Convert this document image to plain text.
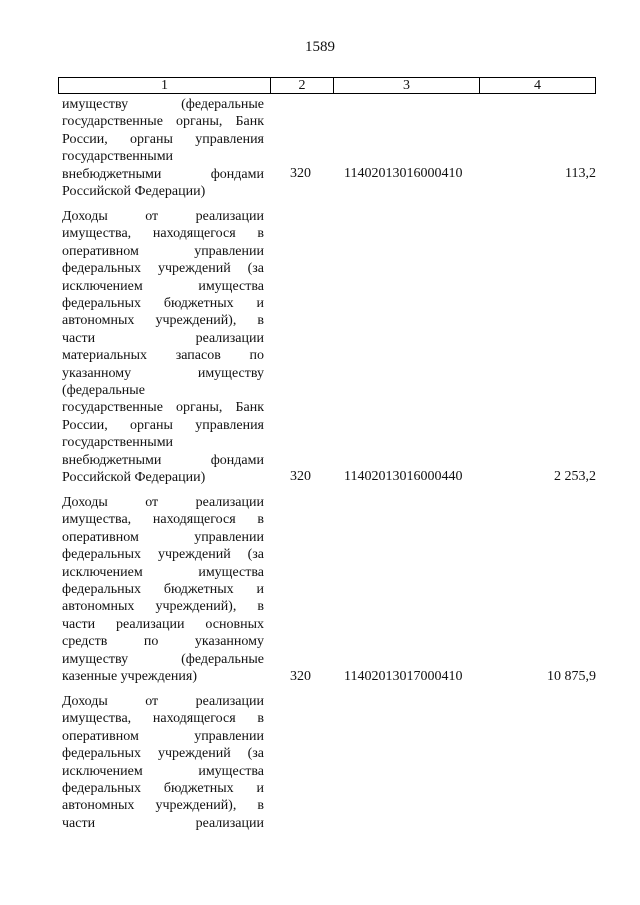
1589
1	2	3	4
имуществу (федеральные
государственные органы, Банк
России, органы управления
государственными
внебюджетными фондами
Российской Федерации)
320	11402013016000410	113,2
Доходы от реализации
имущества, находящегося в
оперативном управлении
федеральных учреждений (за
исключением имущества
федеральных бюджетных и
автономных учреждений), в
части реализации
материальных запасов по
указанному имуществу
(федеральные
государственные органы, Банк
России, органы управления
государственными
внебюджетными фондами
Российской Федерации)	320	11402013016000440	2 253,2
Доходы от реализации
имущества, находящегося в
оперативном управлении
федеральных учреждений (за
исключением имущества
федеральных бюджетных и
автономных учреждений), в
части реализации основных
средств по указанному
имуществу (федеральные
казенные учреждения)	320	11402013017000410	10 875,9
Доходы от реализации
имущества, находящегося в
оперативном управлении
федеральных учреждений (за
исключением имущества
федеральных бюджетных и
автономных учреждений), в
части реализации
